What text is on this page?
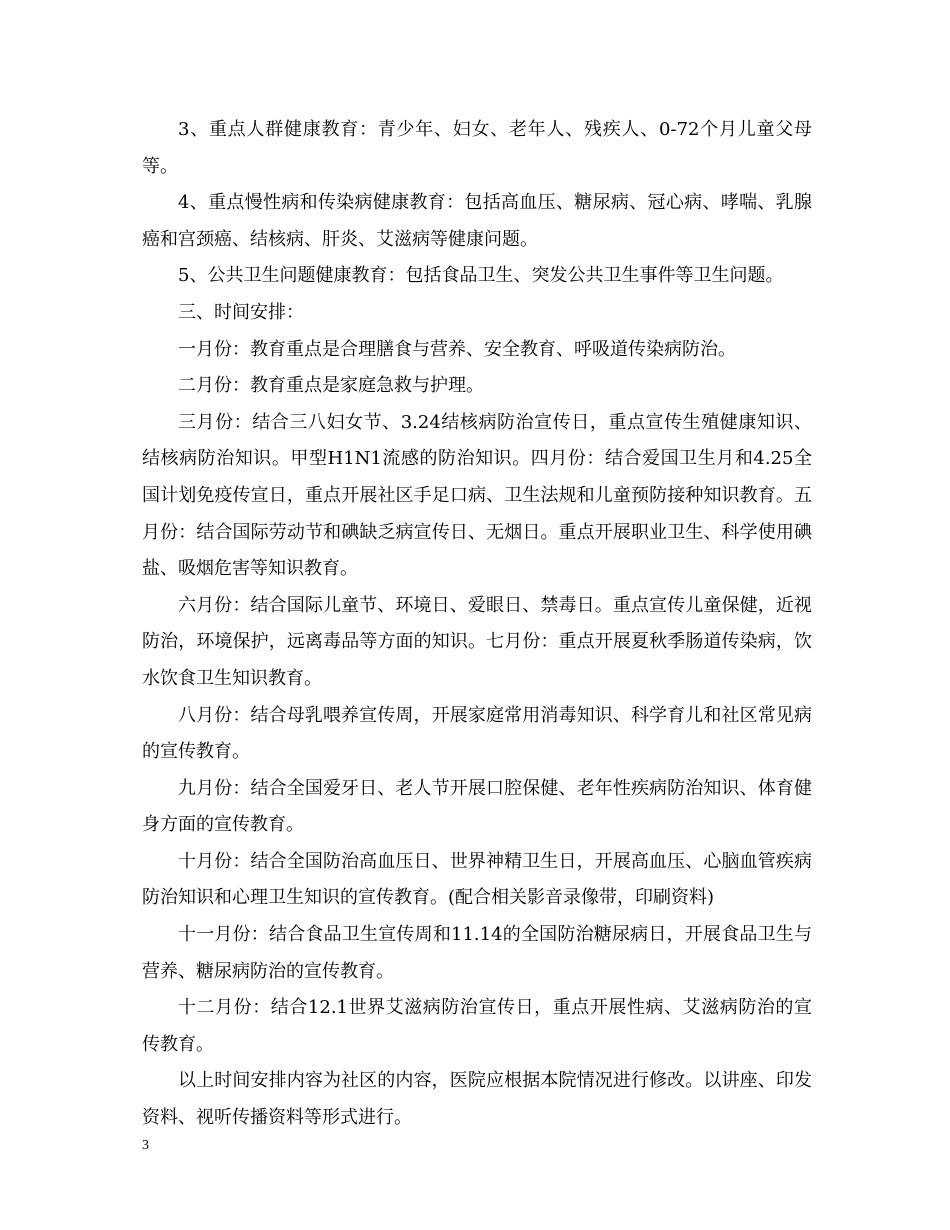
3、重点人群健康教育：青少年、妇女、老年人、残疾人、0-72个月儿童父母等。

4、重点慢性病和传染病健康教育：包括高血压、糖尿病、冠心病、哮喘、乳腺癌和宫颈癌、结核病、肝炎、艾滋病等健康问题。

5、公共卫生问题健康教育：包括食品卫生、突发公共卫生事件等卫生问题。

三、时间安排：

一月份：教育重点是合理膳食与营养、安全教育、呼吸道传染病防治。

二月份：教育重点是家庭急救与护理。

三月份：结合三八妇女节、3.24结核病防治宣传日，重点宣传生殖健康知识、结核病防治知识。甲型H1N1流感的防治知识。四月份：结合爱国卫生月和4.25全国计划免疫传宣日，重点开展社区手足口病、卫生法规和儿童预防接种知识教育。五月份：结合国际劳动节和碘缺乏病宣传日、无烟日。重点开展职业卫生、科学使用碘盐、吸烟危害等知识教育。

六月份：结合国际儿童节、环境日、爱眼日、禁毒日。重点宣传儿童保健，近视防治，环境保护，远离毒品等方面的知识。七月份：重点开展夏秋季肠道传染病，饮水饮食卫生知识教育。

八月份：结合母乳喂养宣传周，开展家庭常用消毒知识、科学育儿和社区常见病的宣传教育。

九月份：结合全国爱牙日、老人节开展口腔保健、老年性疾病防治知识、体育健身方面的宣传教育。

十月份：结合全国防治高血压日、世界神精卫生日，开展高血压、心脑血管疾病防治知识和心理卫生知识的宣传教育。(配合相关影音录像带，印刷资料)

十一月份：结合食品卫生宣传周和11.14的全国防治糖尿病日，开展食品卫生与营养、糖尿病防治的宣传教育。

十二月份：结合12.1世界艾滋病防治宣传日，重点开展性病、艾滋病防治的宣传教育。

以上时间安排内容为社区的内容，医院应根据本院情况进行修改。以讲座、印发资料、视听传播资料等形式进行。

3
